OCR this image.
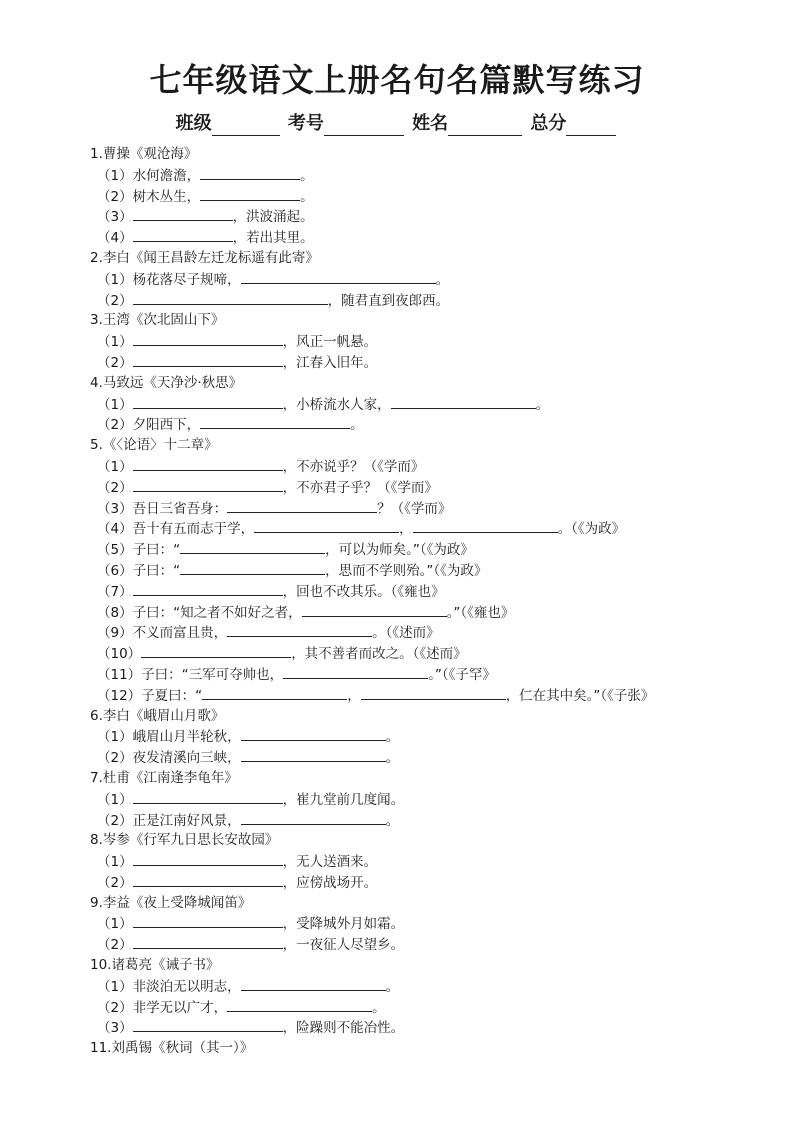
七年级语文上册名句名篇默写练习
班级	考号	姓名	总分
1.曹操《观沧海》
（1）水何澹澹，	。
（2）树木丛生，	。
（3）	，洪波涌起。
（4）	，若出其里。
2.李白《闻王昌龄左迁龙标遥有此寄》
（1）杨花落尽子规啼，	。
（2）	，随君直到夜郎西。
3.王湾《次北固山下》
（1）	，风正一帆悬。
（2）	，江春入旧年。
4.马致远《天净沙·秋思》
（1）	，小桥流水人家，	。
（2）夕阳西下，	。
5.《〈论语〉十二章》
（1）	，不亦说乎？（《学而》
（2）	，不亦君子乎？（《学而》
（3）吾日三省吾身：	？（《学而》
（4）吾十有五而志于学，	，	。（《为政》
（5）子曰：“	，可以为师矣。”（《为政》
（6）子曰：“	，思而不学则殆。”（《为政》
（7）	，回也不改其乐。（《雍也》
（8）子曰：“知之者不如好之者，	。”（《雍也》
（9）不义而富且贵，	。（《述而》
（10）	，其不善者而改之。（《述而》
（11）子曰：“三军可夺帅也，	。”（《子罕》
（12）子夏曰：“	，	，仁在其中矣。”（《子张》
6.李白《峨眉山月歌》
（1）峨眉山月半轮秋，	。
（2）夜发清溪向三峡，	。
7.杜甫《江南逢李龟年》
（1）	，崔九堂前几度闻。
（2）正是江南好风景，	。
8.岑参《行军九日思长安故园》
（1）	，无人送酒来。
（2）	，应傍战场开。
9.李益《夜上受降城闻笛》
（1）	，受降城外月如霜。
（2）	，一夜征人尽望乡。
10.诸葛亮《诫子书》
（1）非淡泊无以明志，	。
（2）非学无以广才，	。
（3）	，险躁则不能冶性。
11.刘禹锡《秋词（其一）》
